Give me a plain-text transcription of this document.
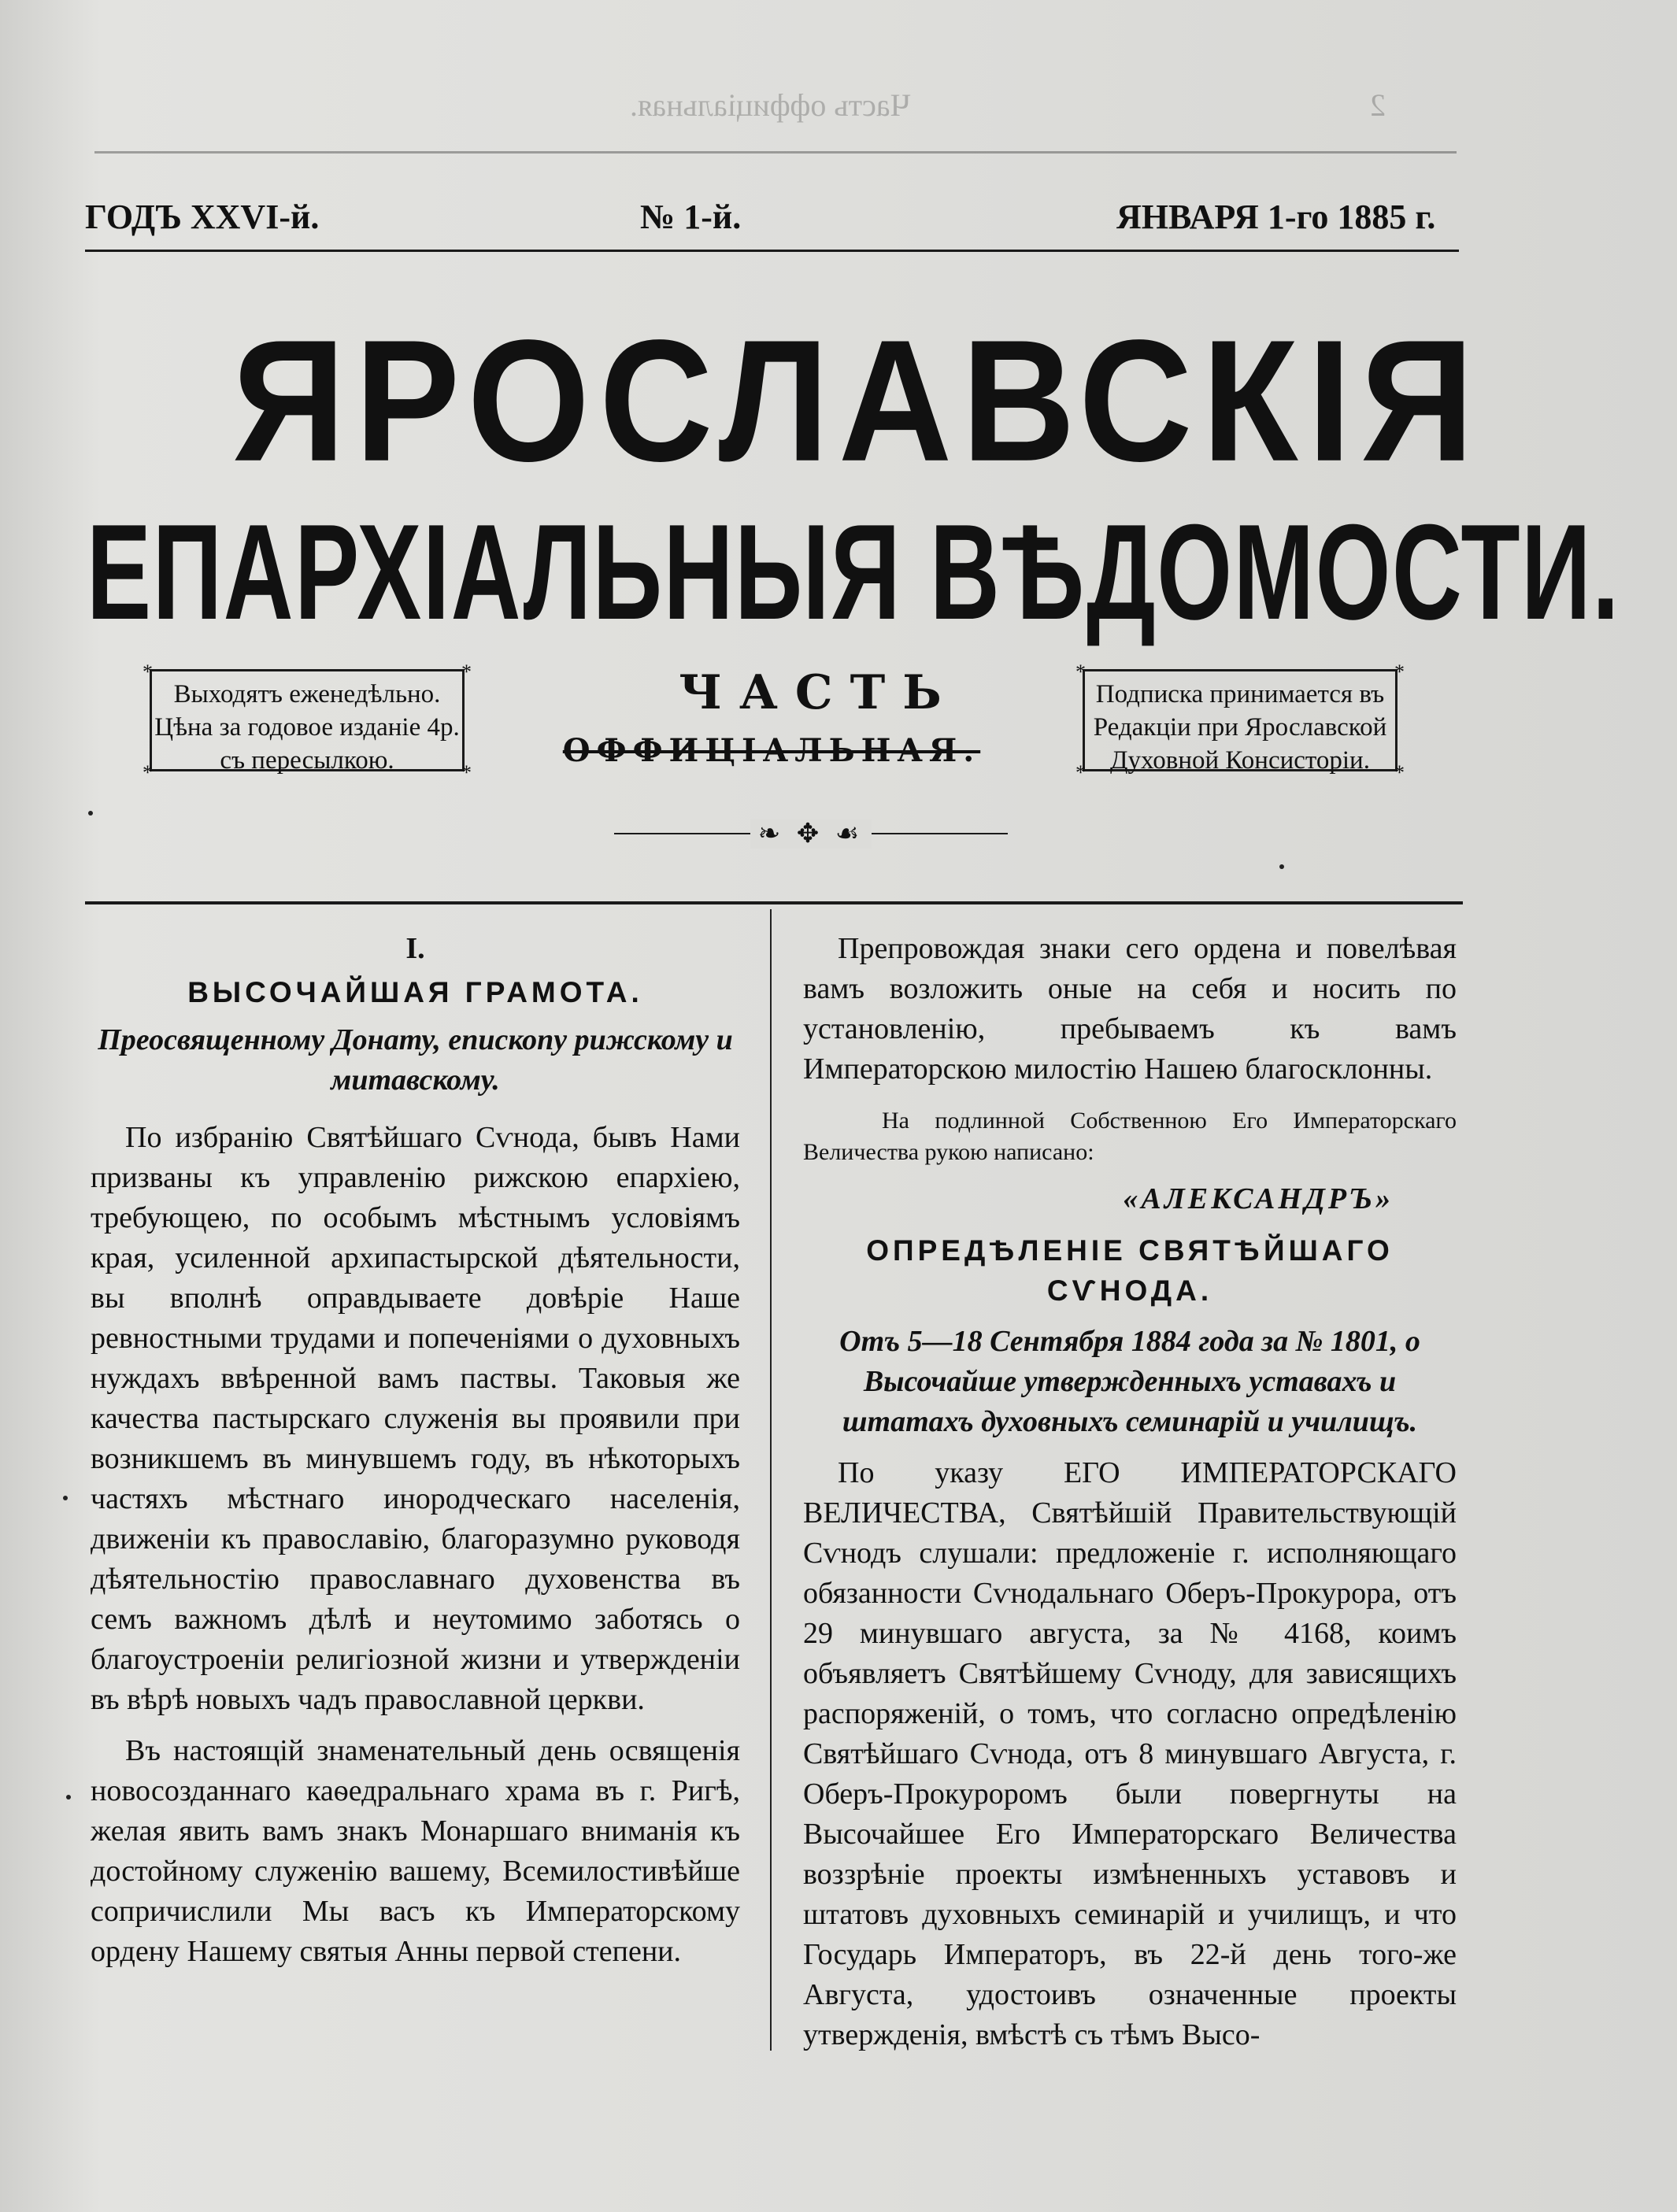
Часть оффиціальная.	2
ГОДЪ XXVI-й.	№ 1-й.	ЯНВАРЯ 1-го 1885 г.
ЯРОСЛАВСКІЯ
ЕПАРХІАЛЬНЫЯ ВѢДОМОСТИ.
*	*
*	*
Выходятъ еженедѣльно.
Цѣна за годовое изданіе 4р.
съ пересылкою.
ЧАСТЬ
ОФФИЦІАЛЬНАЯ.
*	*
*	*
Подписка принимается въ
Редакціи при Ярославской
Духовной Консисторіи.
❧ ✥ ☙

I.

ВЫСОЧАЙШАЯ ГРАМОТА.

Преосвященному Донату, епископу рижскому и митавскому.

По избранію Святѣйшаго Сѵнода, бывъ Нами призваны къ управленію рижскою епархіею, требующею, по особымъ мѣстнымъ условіямъ края, усиленной архипастырской дѣятельности, вы вполнѣ оправдываете довѣріе Наше ревностными трудами и попеченіями о духовныхъ нуждахъ ввѣренной вамъ паствы. Таковыя же качества пастырскаго служенія вы проявили при возникшемъ въ минувшемъ году, въ нѣкоторыхъ частяхъ мѣстнаго инородческаго населенія, движеніи къ православію, благоразумно руководя дѣятельностію православнаго духовенства въ семъ важномъ дѣлѣ и неутомимо заботясь о благоустроеніи религіозной жизни и утвержденіи въ вѣрѣ новыхъ чадъ православной церкви.

Въ настоящій знаменательный день освященія новосозданнаго каѳедральнаго храма въ г. Ригѣ, желая явить вамъ знакъ Монаршаго вниманія къ достойному служенію вашему, Всемилостивѣйше сопричислили Мы васъ къ Императорскому ордену Нашему святыя Анны первой степени.

Препровождая знаки сего ордена и повелѣвая вамъ возложить оные на себя и носить по установленію, пребываемъ къ вамъ Императорскою милостію Нашею благосклонны.

На подлинной Собственною Его Императорскаго Величества рукою написано:

«АЛЕКСАНДРЪ»

ОПРЕДѢЛЕНІЕ СВЯТѢЙШАГО СѴНОДА.

Отъ 5—18 Сентября 1884 года за № 1801, о Высочайше утвержденныхъ уставахъ и штатахъ духовныхъ семинарій и училищъ.

По указу ЕГО ИМПЕРАТОРСКАГО ВЕЛИЧЕСТВА, Святѣйшій Правительствующій Сѵнодъ слушали: предложеніе г. исполняющаго обязанности Сѵнодальнаго Оберъ-Прокурора, отъ 29 минувшаго августа, за № 4168, коимъ объявляетъ Святѣйшему Сѵноду, для зависящихъ распоряженій, о томъ, что согласно опредѣленію Святѣйшаго Сѵнода, отъ 8 минувшаго Августа, г. Оберъ-Прокуроромъ были повергнуты на Высочайшее Его Императорскаго Величества воззрѣніе проекты измѣненныхъ уставовъ и штатовъ духовныхъ семинарій и училищъ, и что Государь Императоръ, въ 22-й день того-же Августа, удостоивъ означенные проекты утвержденія, вмѣстѣ съ тѣмъ Высо-
